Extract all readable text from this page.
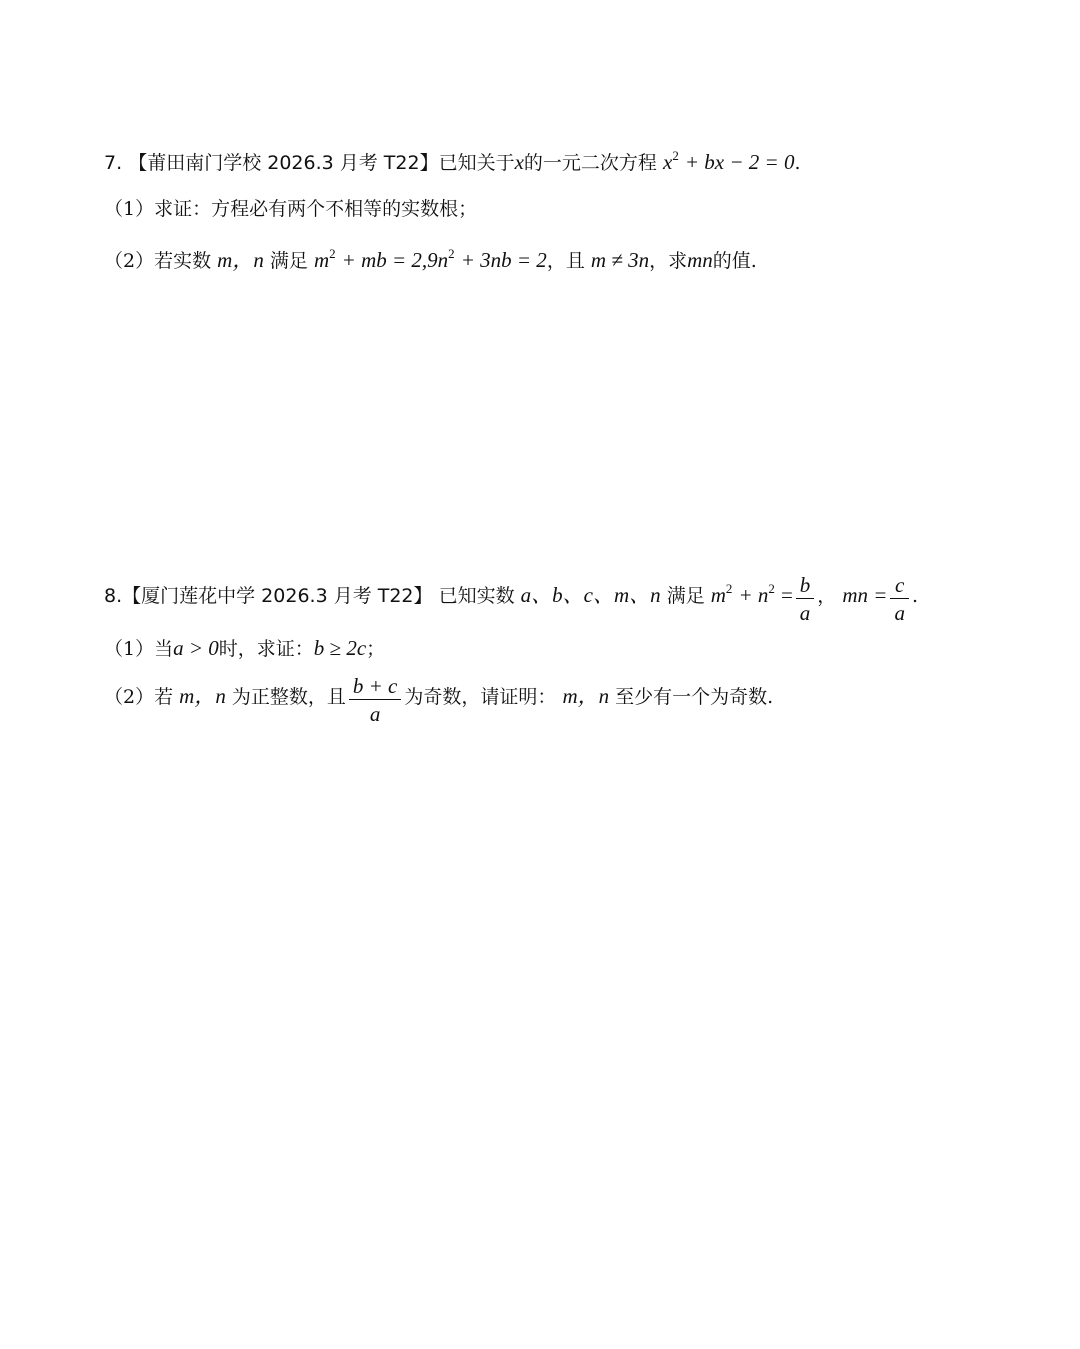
7. 【莆田南门学校 2026.3 月考 T22】已知关于x的一元二次方程 $x^2$ + bx − 2 = 0.
（1）求证：方程必有两个不相等的实数根；
（2）若实数 m，n 满足 $m^2$ + mb = $2,9n^2 + 3nb = 2$，且 m ≠ 3n，求mn的值.
8.【厦门莲花中学 2026.3 月考 T22】 已知实数 a、b、c、m、n 满足 $m^2 + n^2 = \frac{b}{a}$ ， mn = $\frac{c}{a}$ .
（1）当a > 0时，求证：b ≥ 2c；
（2）若 m，n 为正整数，且 $\frac{b + c}{a}$ 为奇数，请证明： m，n 至少有一个为奇数.
